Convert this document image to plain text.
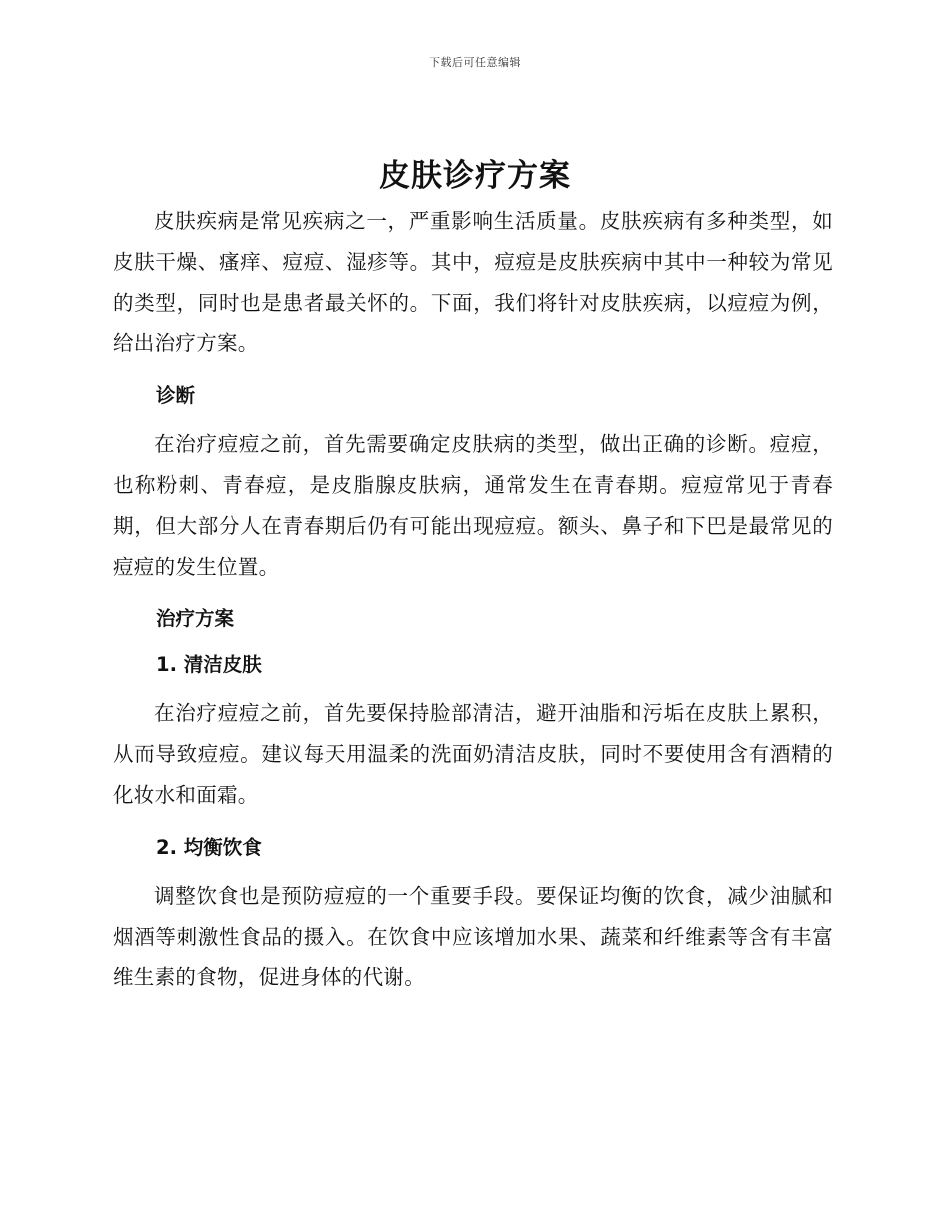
下载后可任意编辑
皮肤诊疗方案

皮肤疾病是常见疾病之一，严重影响生活质量。皮肤疾病有多种类型，如皮肤干燥、瘙痒、痘痘、湿疹等。其中，痘痘是皮肤疾病中其中一种较为常见的类型，同时也是患者最关怀的。下面，我们将针对皮肤疾病，以痘痘为例，给出治疗方案。

诊断

在治疗痘痘之前，首先需要确定皮肤病的类型，做出正确的诊断。痘痘，也称粉刺、青春痘，是皮脂腺皮肤病，通常发生在青春期。痘痘常见于青春期，但大部分人在青春期后仍有可能出现痘痘。额头、鼻子和下巴是最常见的痘痘的发生位置。

治疗方案

1. 清洁皮肤

在治疗痘痘之前，首先要保持脸部清洁，避开油脂和污垢在皮肤上累积，从而导致痘痘。建议每天用温柔的洗面奶清洁皮肤，同时不要使用含有酒精的化妆水和面霜。

2. 均衡饮食

调整饮食也是预防痘痘的一个重要手段。要保证均衡的饮食，减少油腻和烟酒等刺激性食品的摄入。在饮食中应该增加水果、蔬菜和纤维素等含有丰富维生素的食物，促进身体的代谢。
